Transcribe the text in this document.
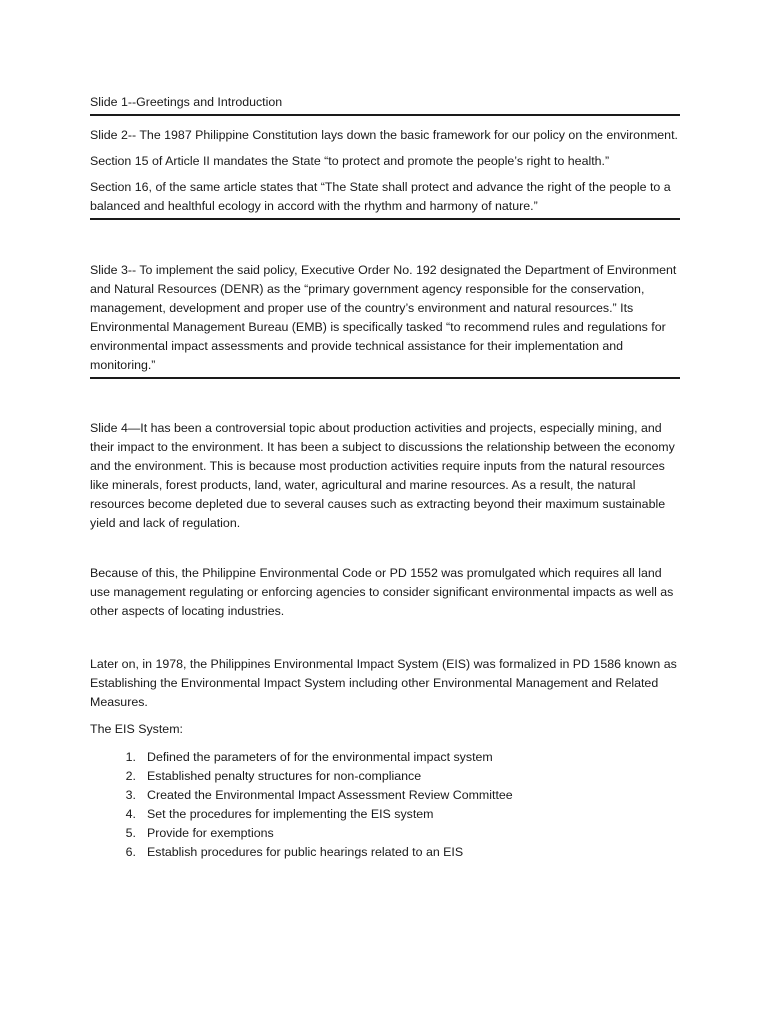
Slide 1--Greetings and Introduction

Slide 2-- The 1987 Philippine Constitution lays down the basic framework for our policy on the environment.

Section 15 of Article II mandates the State “to protect and promote the people’s right to health.”

Section 16, of the same article states that “The State shall protect and advance the right of the people to a balanced and healthful ecology in accord with the rhythm and harmony of nature.”

Slide 3-- To implement the said policy, Executive Order No. 192 designated the Department of Environment and Natural Resources (DENR) as the “primary government agency responsible for the conservation, management, development and proper use of the country’s environment and natural resources.” Its Environmental Management Bureau (EMB) is specifically tasked “to recommend rules and regulations for environmental impact assessments and provide technical assistance for their implementation and monitoring.”

Slide 4—It has been a controversial topic about production activities and projects, especially mining, and their impact to the environment. It has been a subject to discussions the relationship between the economy and the environment. This is because most production activities require inputs from the natural resources like minerals, forest products, land, water, agricultural and marine resources. As a result, the natural resources become depleted due to several causes such as extracting beyond their maximum sustainable yield and lack of regulation.

Because of this, the Philippine Environmental Code or PD 1552 was promulgated which requires all land use management regulating or enforcing agencies to consider significant environmental impacts as well as other aspects of locating industries.

Later on, in 1978, the Philippines Environmental Impact System (EIS) was formalized in PD 1586 known as Establishing the Environmental Impact System including other Environmental Management and Related Measures.

The EIS System:

1. Defined the parameters of for the environmental impact system
2. Established penalty structures for non-compliance
3. Created the Environmental Impact Assessment Review Committee
4. Set the procedures for implementing the EIS system
5. Provide for exemptions
6. Establish procedures for public hearings related to an EIS
